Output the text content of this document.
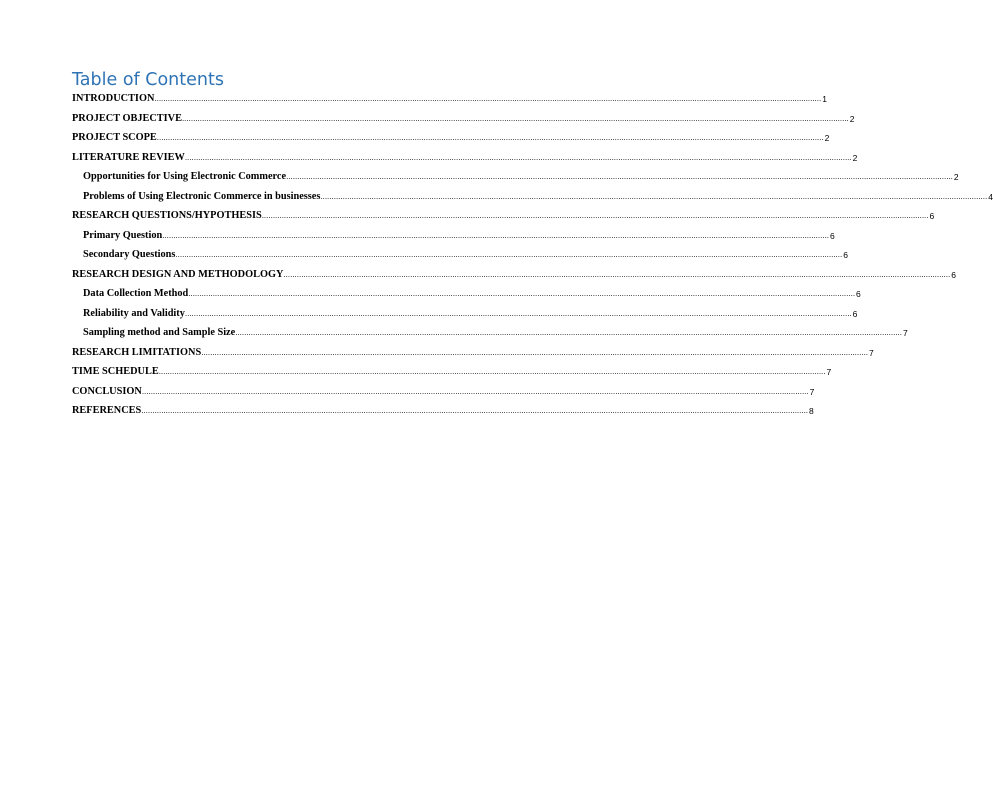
Table of Contents
INTRODUCTION ............................................................................................................................................................................................................................................................................................................ 1
PROJECT OBJECTIVE ............................................................................................................................................................................................................................................................................................................ 2
PROJECT SCOPE ............................................................................................................................................................................................................................................................................................................ 2
LITERATURE REVIEW ............................................................................................................................................................................................................................................................................................................ 2
Opportunities for Using Electronic Commerce ............................................................................................................................................................................................................................................................................................................ 2
Problems of Using Electronic Commerce in businesses ............................................................................................................................................................................................................................................................................................................ 4
RESEARCH QUESTIONS/HYPOTHESIS ............................................................................................................................................................................................................................................................................................................ 6
Primary Question ............................................................................................................................................................................................................................................................................................................ 6
Secondary Questions ............................................................................................................................................................................................................................................................................................................ 6
RESEARCH DESIGN AND METHODOLOGY ............................................................................................................................................................................................................................................................................................................ 6
Data Collection Method ............................................................................................................................................................................................................................................................................................................ 6
Reliability and Validity ............................................................................................................................................................................................................................................................................................................ 6
Sampling method and Sample Size ............................................................................................................................................................................................................................................................................................................ 7
RESEARCH LIMITATIONS ............................................................................................................................................................................................................................................................................................................ 7
TIME SCHEDULE ............................................................................................................................................................................................................................................................................................................ 7
CONCLUSION ............................................................................................................................................................................................................................................................................................................ 7
REFERENCES ............................................................................................................................................................................................................................................................................................................ 8
